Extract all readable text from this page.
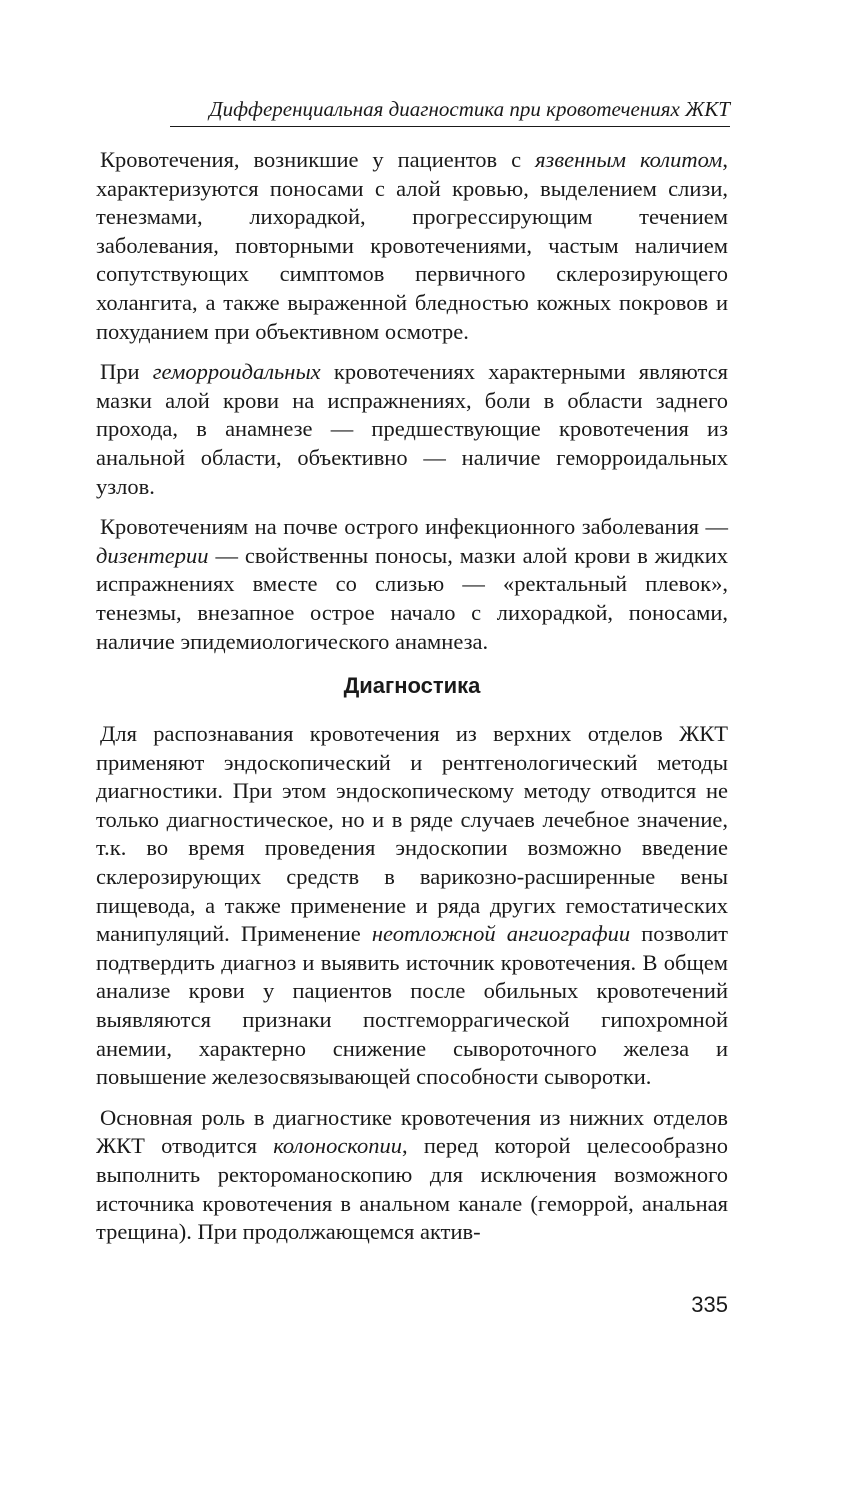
Дифференциальная диагностика при кровотечениях ЖКТ

Кровотечения, возникшие у пациентов с язвенным колитом, характеризуются поносами с алой кровью, выделением слизи, тенезмами, лихорадкой, прогрессирующим течением заболевания, повторными кровотечениями, частым наличием сопутствующих симптомов первичного склерозирующего холангита, а также выраженной бледностью кожных покровов и похуданием при объективном осмотре.

При геморроидальных кровотечениях характерными являются мазки алой крови на испражнениях, боли в области заднего прохода, в анамнезе — предшествующие кровотечения из анальной области, объективно — наличие геморроидальных узлов.

Кровотечениям на почве острого инфекционного заболевания — дизентерии — свойственны поносы, мазки алой крови в жидких испражнениях вместе со слизью — «ректальный плевок», тенезмы, внезапное острое начало с лихорадкой, поносами, наличие эпидемиологического анамнеза.

Диагностика

Для распознавания кровотечения из верхних отделов ЖКТ применяют эндоскопический и рентгенологический методы диагностики. При этом эндоскопическому методу отводится не только диагностическое, но и в ряде случаев лечебное значение, т.к. во время проведения эндоскопии возможно введение склерозирующих средств в варикозно-расширенные вены пищевода, а также применение и ряда других гемостатических манипуляций. Применение неотложной ангиографии позволит подтвердить диагноз и выявить источник кровотечения. В общем анализе крови у пациентов после обильных кровотечений выявляются признаки постгеморрагической гипохромной анемии, характерно снижение сывороточного железа и повышение железосвязывающей способности сыворотки.

Основная роль в диагностике кровотечения из нижних отделов ЖКТ отводится колоноскопии, перед которой целесообразно выполнить ректороманоскопию для исключения возможного источника кровотечения в анальном канале (геморрой, анальная трещина). При продолжающемся актив-

335
